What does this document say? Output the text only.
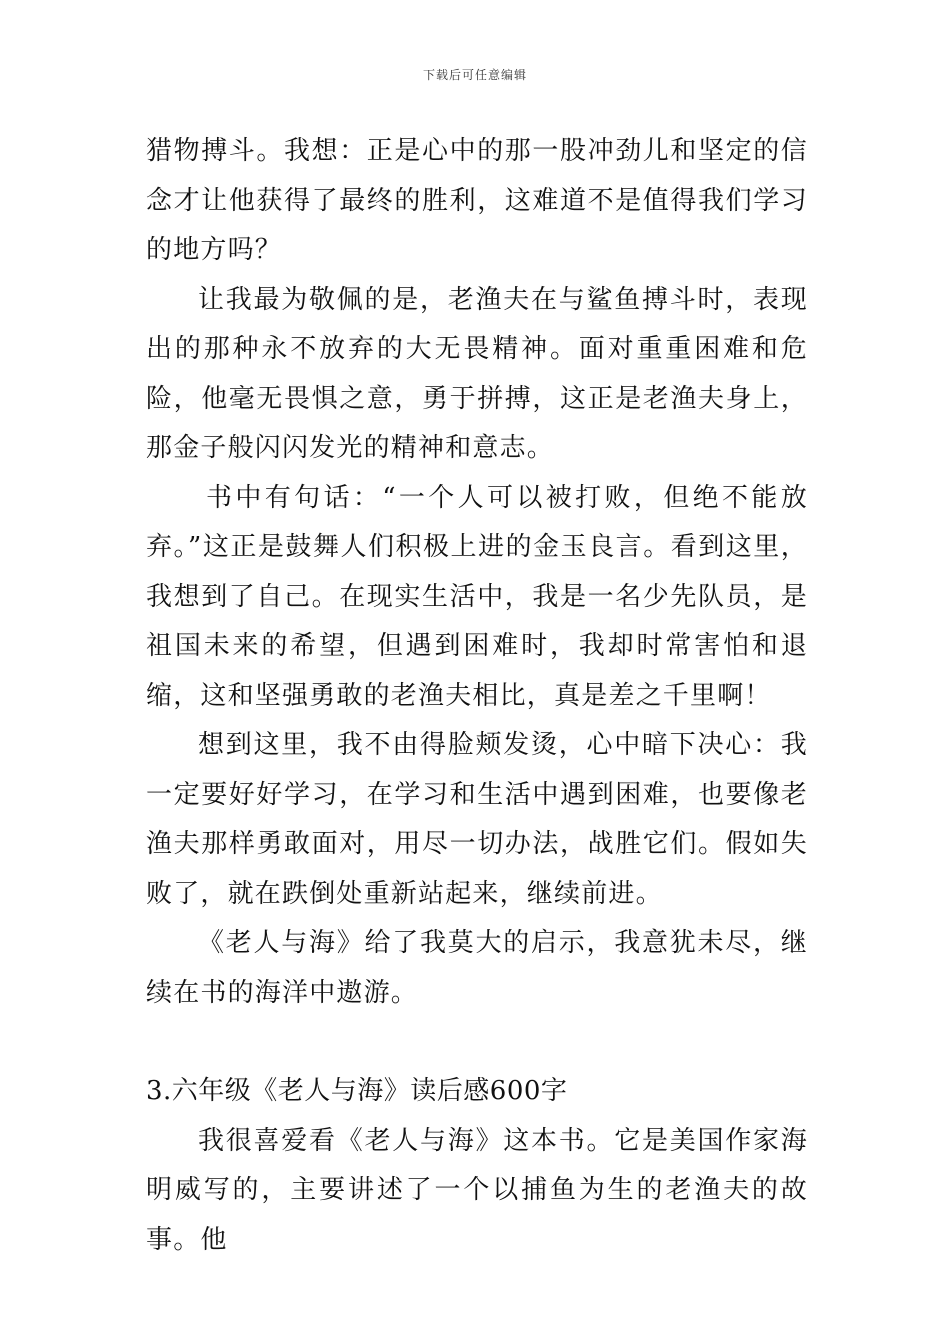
下载后可任意编辑

猎物搏斗。我想：正是心中的那一股冲劲儿和坚定的信念才让他获得了最终的胜利，这难道不是值得我们学习的地方吗？

让我最为敬佩的是，老渔夫在与鲨鱼搏斗时，表现出的那种永不放弃的大无畏精神。面对重重困难和危险，他毫无畏惧之意，勇于拼搏，这正是老渔夫身上，那金子般闪闪发光的精神和意志。

书中有句话：“一个人可以被打败，但绝不能放弃。”这正是鼓舞人们积极上进的金玉良言。看到这里，我想到了自己。在现实生活中，我是一名少先队员，是祖国未来的希望，但遇到困难时，我却时常害怕和退缩，这和坚强勇敢的老渔夫相比，真是差之千里啊！

想到这里，我不由得脸颊发烫，心中暗下决心：我一定要好好学习，在学习和生活中遇到困难，也要像老渔夫那样勇敢面对，用尽一切办法，战胜它们。假如失败了，就在跌倒处重新站起来，继续前进。

《老人与海》给了我莫大的启示，我意犹未尽，继续在书的海洋中遨游。

3.六年级《老人与海》读后感600字

我很喜爱看《老人与海》这本书。它是美国作家海明威写的，主要讲述了一个以捕鱼为生的老渔夫的故事。他
